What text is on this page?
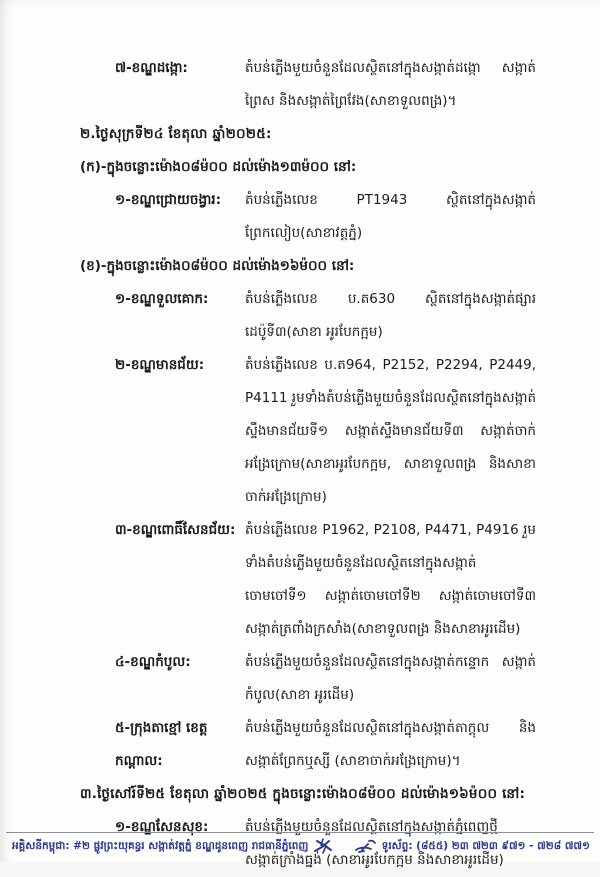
៧-ខណ្ឌដង្កោ:	តំបន់ភ្លើងមួយចំនួនដែលស្ថិតនៅក្នុងសង្កាត់ដង្កោ សង្កាត់ព្រៃស និងសង្កាត់ព្រៃវែង(សាខាទួលពង្រ)។
២.ថ្ងៃសុក្រទី២៤ ខែតុលា ឆ្នាំ២០២៥:
(ក)-ក្នុងចន្លោះម៉ោង០៨ម៉០០ ដល់ម៉ោង១៣ម៉០០ នៅ:
១-ខណ្ឌជ្រោយចង្វារ:	តំបន់ភ្លើងលេខ PT1943 ស្ថិតនៅក្នុងសង្កាត់ព្រែកលៀប(សាខាវត្តភ្នំ)
(ខ)-ក្នុងចន្លោះម៉ោង០៨ម៉០០ ដល់ម៉ោង១៦ម៉០០ នៅ:
១-ខណ្ឌទួលគោក:	តំបន់ភ្លើងលេខ ប.ត630 ស្ថិតនៅក្នុងសង្កាត់ផ្សារដេប៉ូទី៣(សាខា អូរបែកក្អម)
២-ខណ្ឌមានជ័យ:	តំបន់ភ្លើងលេខ ប.ត964, P2152, P2294, P2449, P4111 រួមទាំងតំបន់ភ្លើងមួយចំនួនដែលស្ថិតនៅក្នុងសង្កាត់ស្ទឹងមានជ័យទី១ សង្កាត់ស្ទឹងមានជ័យទី៣ សង្កាត់ចាក់អង្រែក្រោម(សាខាអូរបែកក្អម, សាខាទួលពង្រ និងសាខាចាក់អង្រែក្រោម)
៣-ខណ្ឌពោធិ៍សែនជ័យ: តំបន់ភ្លើងលេខ P1962, P2108, P4471, P4916 រួមទាំងតំបន់ភ្លើងមួយចំនួនដែលស្ថិតនៅក្នុងសង្កាត់ចោមចៅទី១ សង្កាត់ចោមចៅទី២ សង្កាត់ចោមចៅទី៣ សង្កាត់ត្រពាំងក្រសាំង(សាខាទួលពង្រ និងសាខាអូរដើម)
៤-ខណ្ឌកំបូល:	តំបន់ភ្លើងមួយចំនួនដែលស្ថិតនៅក្នុងសង្កាត់កន្ទោក សង្កាត់កំបូល(សាខា អូរដើម)
៥-ក្រុងតាខ្មៅ ខេត្តកណ្ដាល:
តំបន់ភ្លើងមួយចំនួនដែលស្ថិតនៅក្នុងសង្កាត់តាក្ដុល និងសង្កាត់ព្រែកឬស្សី (សាខាចាក់អង្រែក្រោម)។
៣.ថ្ងៃសៅរ៍ទី២៥ ខែតុលា ឆ្នាំ២០២៥ ក្នុងចន្លោះម៉ោង០៨ម៉០០ ដល់ម៉ោង១៦ម៉០០ នៅ:
១-ខណ្ឌសែនសុខ:	តំបន់ភ្លើងមួយចំនួនដែលស្ថិតនៅក្នុងសង្កាត់ភ្នំពេញថ្មី សង្កាត់ក្រាំងធ្នង់ (សាខាអូរបែកក្អម និងសាខាអូរដើម)
អគ្គិសនីកម្ពុជា: #២ ផ្លូវព្រះយុគន្ធរ សង្កាត់វត្តភ្នំ ខណ្ឌដូនពេញ រាជធានីភ្នំពេញ	ទូរស័ព្ទ: (៨៥៥) ២៣ ៧២៣ ៩៧១ - ៧២៨ ៧៧១
